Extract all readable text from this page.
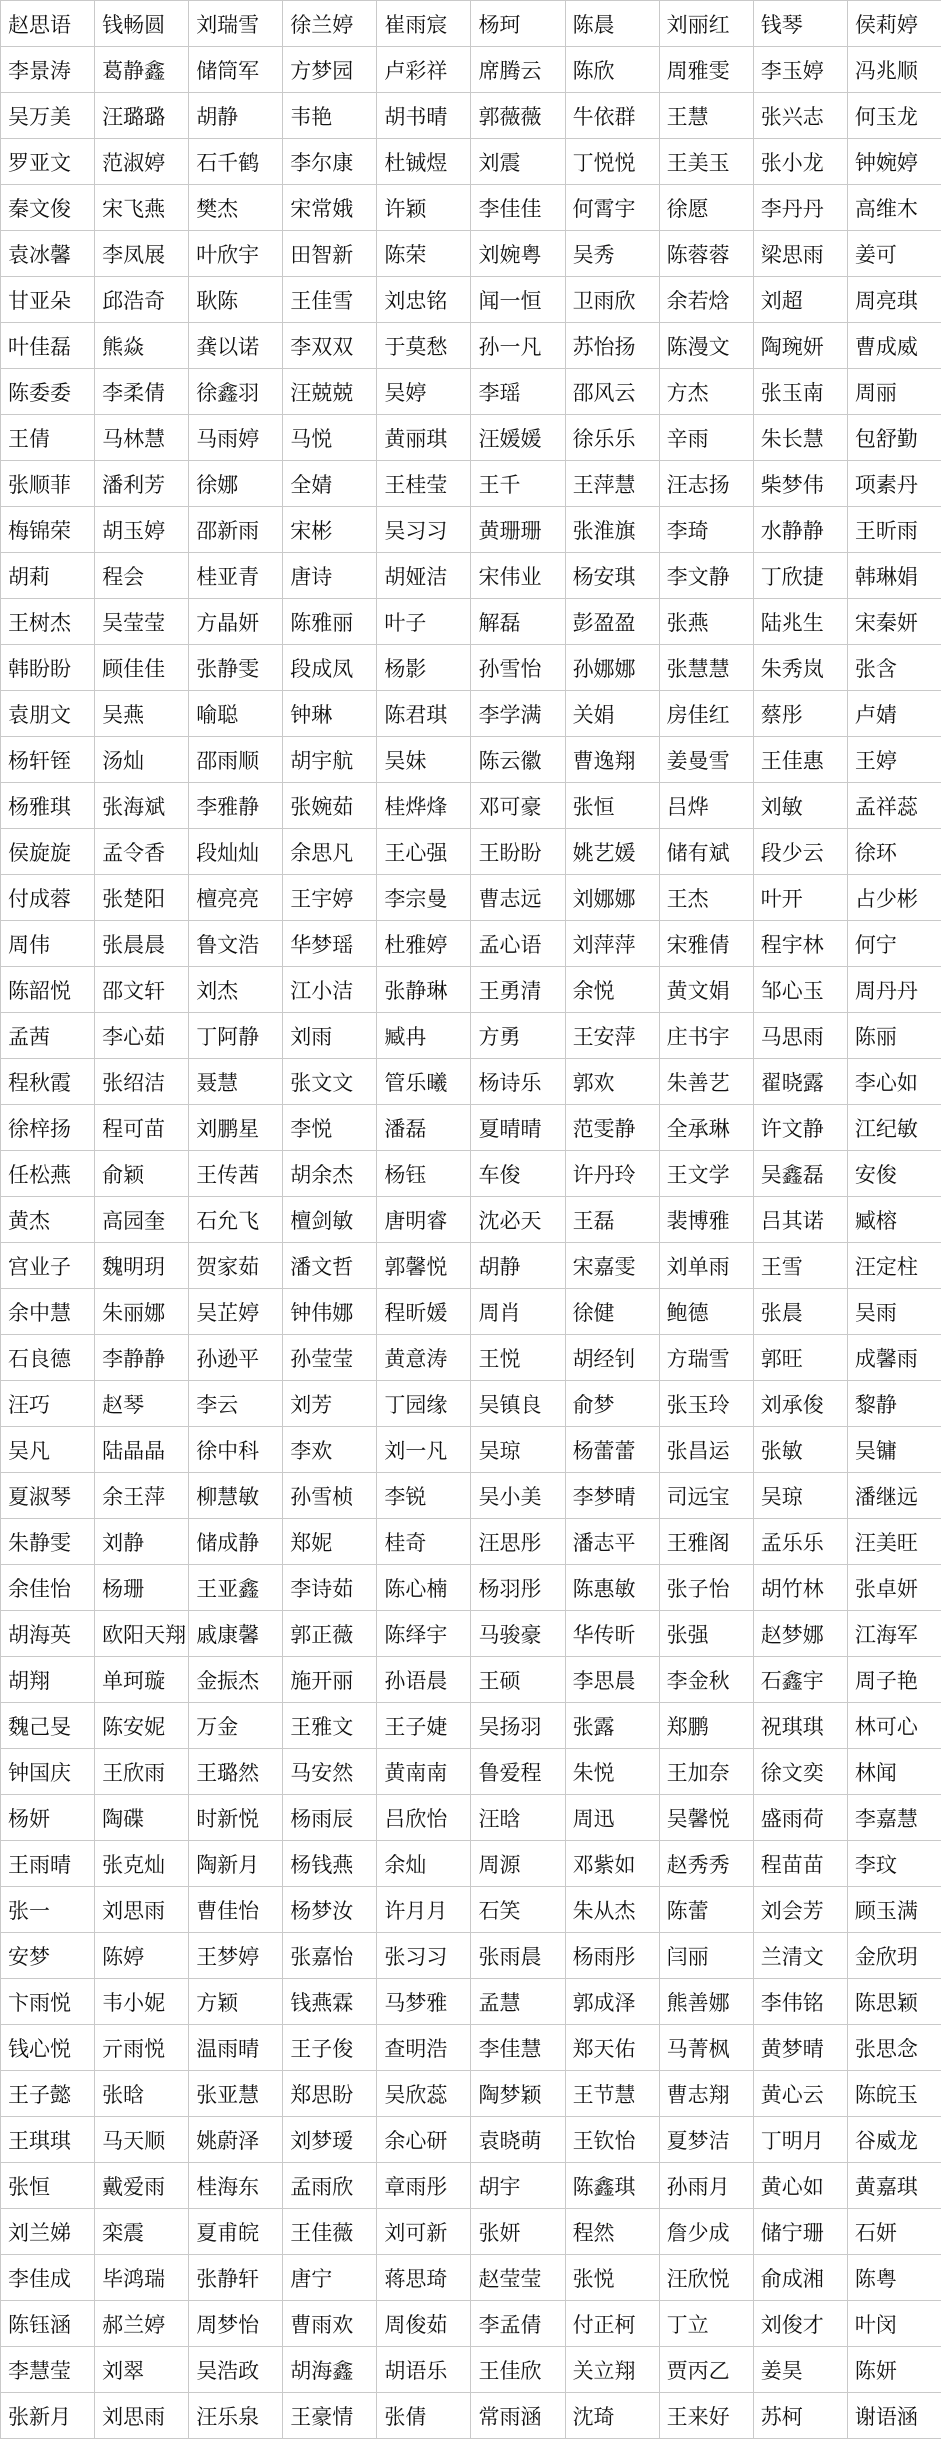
赵思语	钱畅圆	刘瑞雪	徐兰婷	崔雨宸	杨珂	陈晨	刘丽红	钱琴	侯莉婷
李景涛	葛静鑫	储筒军	方梦园	卢彩祥	席腾云	陈欣	周雅雯	李玉婷	冯兆顺
吴万美	汪璐璐	胡静	韦艳	胡书晴	郭薇薇	牛依群	王慧	张兴志	何玉龙
罗亚文	范淑婷	石千鹤	李尔康	杜铖煜	刘震	丁悦悦	王美玉	张小龙	钟婉婷
秦文俊	宋飞燕	樊杰	宋常娥	许颖	李佳佳	何霄宇	徐愿	李丹丹	高维木
袁冰馨	李凤展	叶欣宇	田智新	陈荣	刘婉粤	吴秀	陈蓉蓉	梁思雨	姜可
甘亚朵	邱浩奇	耿陈	王佳雪	刘忠铭	闻一恒	卫雨欣	余若焓	刘超	周亮琪
叶佳磊	熊焱	龚以诺	李双双	于莫愁	孙一凡	苏怡扬	陈漫文	陶琬妍	曹成威
陈委委	李柔倩	徐鑫羽	汪兢兢	吴婷	李瑶	邵风云	方杰	张玉南	周丽
王倩	马林慧	马雨婷	马悦	黄丽琪	汪媛媛	徐乐乐	辛雨	朱长慧	包舒勤
张顺菲	潘利芳	徐娜	全婧	王桂莹	王千	王萍慧	汪志扬	柴梦伟	项素丹
梅锦荣	胡玉婷	邵新雨	宋彬	吴习习	黄珊珊	张淮旗	李琦	水静静	王昕雨
胡莉	程会	桂亚青	唐诗	胡娅洁	宋伟业	杨安琪	李文静	丁欣捷	韩琳娟
王树杰	吴莹莹	方晶妍	陈雅丽	叶子	解磊	彭盈盈	张燕	陆兆生	宋秦妍
韩盼盼	顾佳佳	张静雯	段成凤	杨影	孙雪怡	孙娜娜	张慧慧	朱秀岚	张含
袁朋文	吴燕	喻聪	钟琳	陈君琪	李学满	关娟	房佳红	蔡彤	卢婧
杨轩铚	汤灿	邵雨顺	胡宇航	吴妹	陈云徽	曹逸翔	姜曼雪	王佳惠	王婷
杨雅琪	张海斌	李雅静	张婉茹	桂烨烽	邓可豪	张恒	吕烨	刘敏	孟祥蕊
侯旋旋	孟令香	段灿灿	余思凡	王心强	王盼盼	姚艺媛	储有斌	段少云	徐环
付成蓉	张楚阳	檀亮亮	王宇婷	李宗曼	曹志远	刘娜娜	王杰	叶开	占少彬
周伟	张晨晨	鲁文浩	华梦瑶	杜雅婷	孟心语	刘萍萍	宋雅倩	程宇林	何宁
陈韶悦	邵文轩	刘杰	江小洁	张静琳	王勇清	余悦	黄文娟	邹心玉	周丹丹
孟茜	李心茹	丁阿静	刘雨	臧冉	方勇	王安萍	庄书宇	马思雨	陈丽
程秋霞	张绍洁	聂慧	张文文	管乐曦	杨诗乐	郭欢	朱善艺	翟晓露	李心如
徐梓扬	程可苗	刘鹏星	李悦	潘磊	夏晴晴	范雯静	全承琳	许文静	江纪敏
任松燕	俞颖	王传茜	胡余杰	杨钰	车俊	许丹玲	王文学	吴鑫磊	安俊
黄杰	高园奎	石允飞	檀剑敏	唐明睿	沈必天	王磊	裴博雅	吕其诺	臧榕
宫业子	魏明玥	贺家茹	潘文哲	郭馨悦	胡静	宋嘉雯	刘单雨	王雪	汪定柱
余中慧	朱丽娜	吴芷婷	钟伟娜	程昕媛	周肖	徐健	鲍德	张晨	吴雨
石良德	李静静	孙逊平	孙莹莹	黄意涛	王悦	胡经钊	方瑞雪	郭旺	成馨雨
汪巧	赵琴	李云	刘芳	丁园缘	吴镇良	俞梦	张玉玲	刘承俊	黎静
吴凡	陆晶晶	徐中科	李欢	刘一凡	吴琼	杨蕾蕾	张昌运	张敏	吴镛
夏淑琴	余王萍	柳慧敏	孙雪桢	李锐	吴小美	李梦晴	司远宝	吴琼	潘继远
朱静雯	刘静	储成静	郑妮	桂奇	汪思彤	潘志平	王雅阁	孟乐乐	汪美旺
余佳怡	杨珊	王亚鑫	李诗茹	陈心楠	杨羽彤	陈惠敏	张子怡	胡竹林	张卓妍
胡海英	欧阳天翔	戚康馨	郭正薇	陈绎宇	马骏豪	华传昕	张强	赵梦娜	江海军
胡翔	单珂璇	金振杰	施开丽	孙语晨	王硕	李思晨	李金秋	石鑫宇	周子艳
魏己旻	陈安妮	万金	王雅文	王子婕	吴扬羽	张露	郑鹏	祝琪琪	林可心
钟国庆	王欣雨	王璐然	马安然	黄南南	鲁爱程	朱悦	王加奈	徐文奕	林闻
杨妍	陶碟	时新悦	杨雨辰	吕欣怡	汪晗	周迅	吴馨悦	盛雨荷	李嘉慧
王雨晴	张克灿	陶新月	杨钱燕	余灿	周源	邓紫如	赵秀秀	程苗苗	李玟
张一	刘思雨	曹佳怡	杨梦汝	许月月	石笑	朱从杰	陈蕾	刘会芳	顾玉满
安梦	陈婷	王梦婷	张嘉怡	张习习	张雨晨	杨雨彤	闫丽	兰清文	金欣玥
卞雨悦	韦小妮	方颖	钱燕霖	马梦雅	孟慧	郭成泽	熊善娜	李伟铭	陈思颖
钱心悦	亓雨悦	温雨晴	王子俊	查明浩	李佳慧	郑天佑	马菁枫	黄梦晴	张思念
王子懿	张晗	张亚慧	郑思盼	吴欣蕊	陶梦颖	王节慧	曹志翔	黄心云	陈皖玉
王琪琪	马天顺	姚蔚泽	刘梦瑷	余心研	袁晓萌	王钦怡	夏梦洁	丁明月	谷威龙
张恒	戴爱雨	桂海东	孟雨欣	章雨彤	胡宇	陈鑫琪	孙雨月	黄心如	黄嘉琪
刘兰娣	栾震	夏甫皖	王佳薇	刘可新	张妍	程然	詹少成	储宁珊	石妍
李佳成	毕鸿瑞	张静轩	唐宁	蒋思琦	赵莹莹	张悦	汪欣悦	俞成湘	陈粤
陈钰涵	郝兰婷	周梦怡	曹雨欢	周俊茹	李孟倩	付正柯	丁立	刘俊才	叶闵
李慧莹	刘翠	吴浩政	胡海鑫	胡语乐	王佳欣	关立翔	贾丙乙	姜昊	陈妍
张新月	刘思雨	汪乐泉	王豪情	张倩	常雨涵	沈琦	王来好	苏柯	谢语涵
